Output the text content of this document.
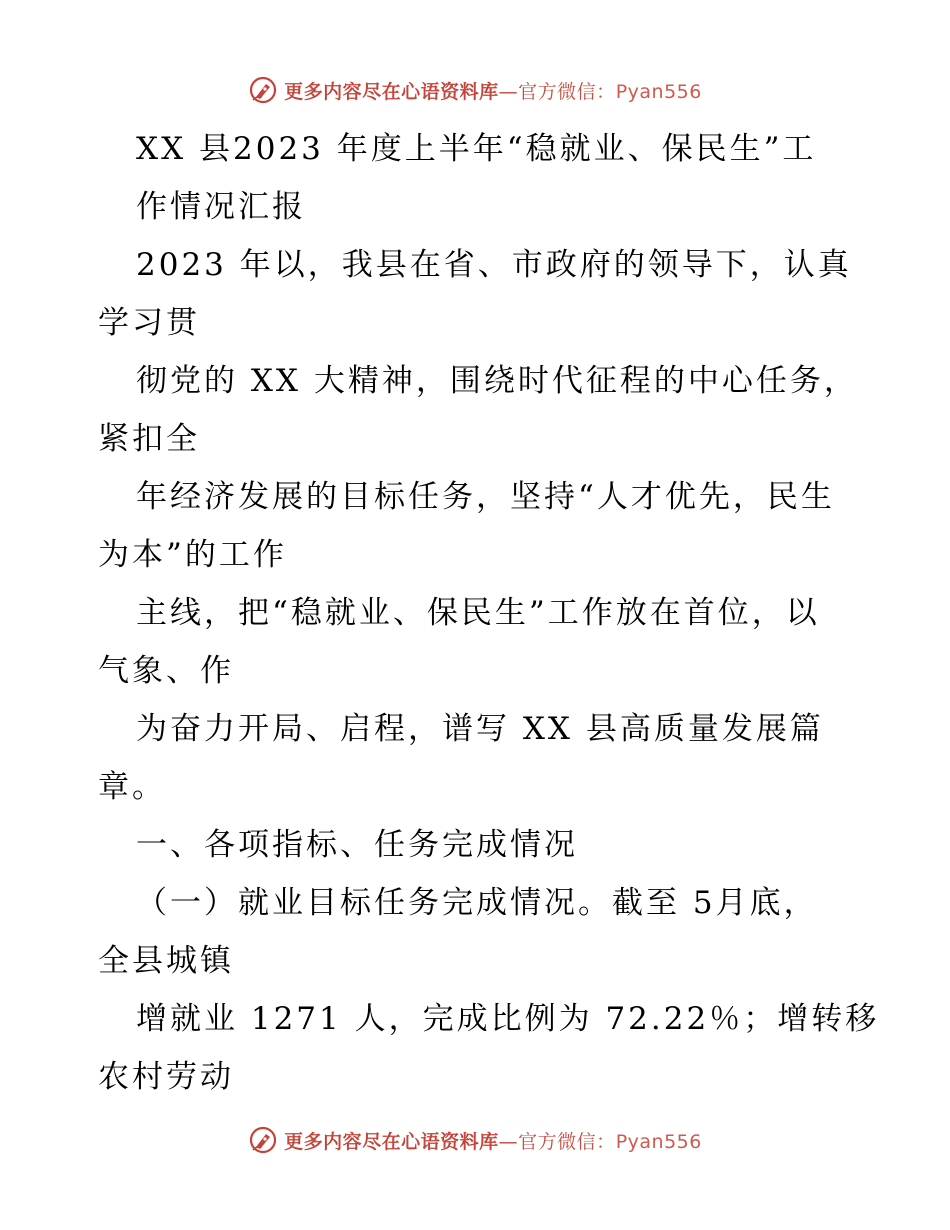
更多内容尽在心语资料库—官方微信：Pyan556
XX 县2023 年度上半年“稳就业、保民生”工
作情况汇报
2023 年以，我县在省、市政府的领导下，认真
学习贯
彻党的 XX 大精神，围绕时代征程的中心任务，
紧扣全
年经济发展的目标任务，坚持“人才优先，民生
为本”的工作
主线，把“稳就业、保民生”工作放在首位，以
气象、作
为奋力开局、启程，谱写 XX 县高质量发展篇
章。
一、各项指标、任务完成情况
（一）就业目标任务完成情况。截至 5月底，
全县城镇
增就业 1271 人，完成比例为 72.22％；增转移
农村劳动
更多内容尽在心语资料库—官方微信：Pyan556
